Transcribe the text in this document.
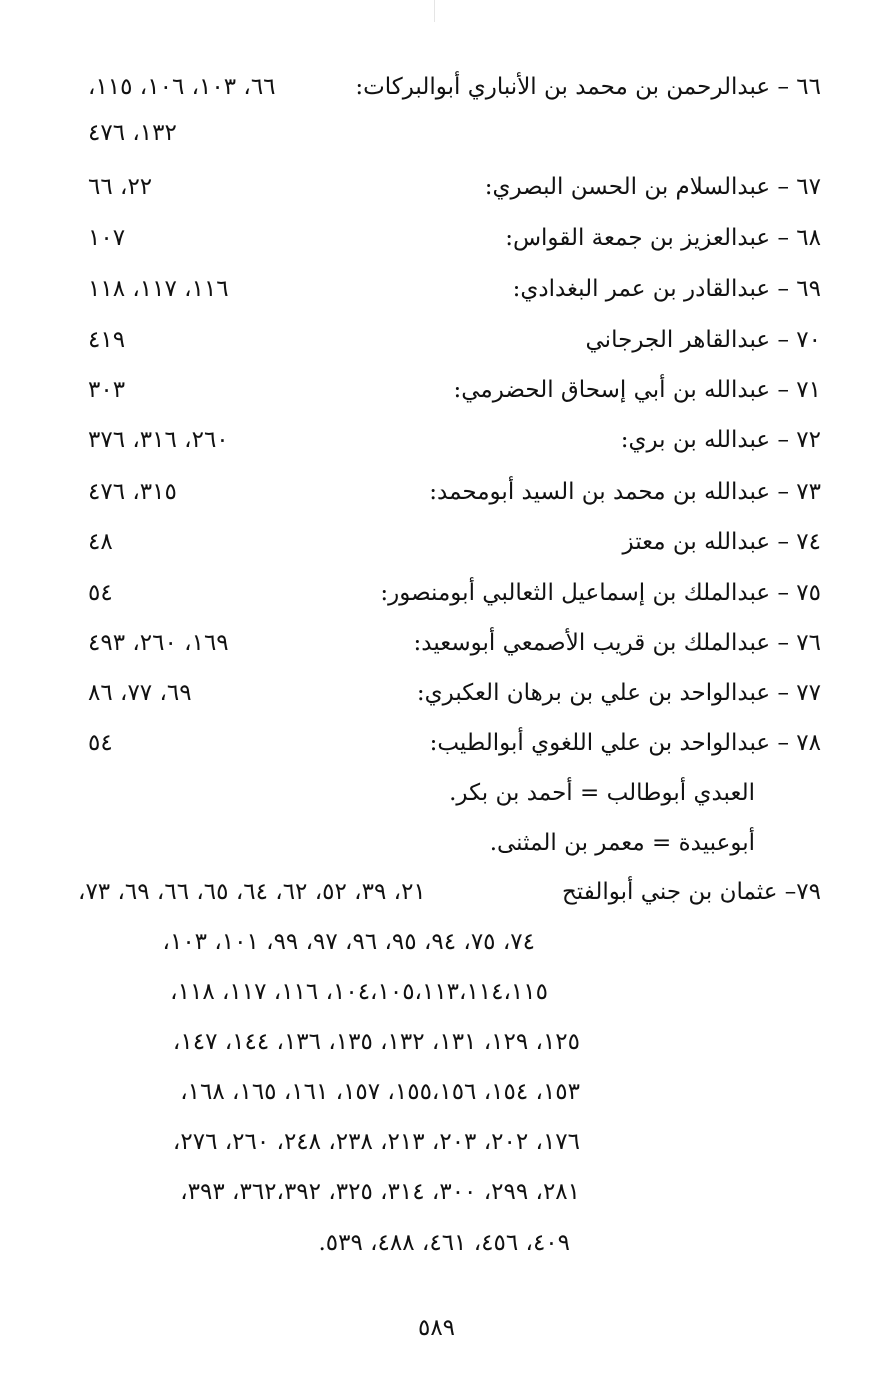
٦٦ – عبدالرحمن بن محمد بن الأنباري أبوالبركات:
٦٦، ١٠٣، ١٠٦، ١١٥،
١٣٢، ٤٧٦
٦٧ – عبدالسلام بن الحسن البصري:
٢٢، ٦٦
٦٨ – عبدالعزيز بن جمعة القواس:
١٠٧
٦٩ – عبدالقادر بن عمر البغدادي:
١١٦، ١١٧، ١١٨
٧٠ – عبدالقاهر الجرجاني
٤١٩
٧١ – عبدالله بن أبي إسحاق الحضرمي:
٣٠٣
٧٢ – عبدالله بن بري:
٢٦٠، ٣١٦، ٣٧٦
٧٣ – عبدالله بن محمد بن السيد أبومحمد:
٣١٥، ٤٧٦
٧٤ – عبدالله بن معتز
٤٨
٧٥ – عبدالملك بن إسماعيل الثعالبي أبومنصور:
٥٤
٧٦ – عبدالملك بن قريب الأصمعي أبوسعيد:
١٦٩، ٢٦٠، ٤٩٣
٧٧ – عبدالواحد بن علي بن برهان العكبري:
٦٩، ٧٧، ٨٦
٧٨ – عبدالواحد بن علي اللغوي أبوالطيب:
٥٤
العبدي أبوطالب = أحمد بن بكر.
أبوعبيدة = معمر بن المثنى.
٧٩– عثمان بن جني أبوالفتح
٢١، ٣٩، ٥٢، ٦٢، ٦٤، ٦٥، ٦٦، ٦٩، ٧٣،
٧٤، ٧٥، ٩٤، ٩٥، ٩٦، ٩٧، ٩٩، ١٠١، ١٠٣،
١٠٤،١٠٥،١١٣،١١٤،١١٥، ١١٦، ١١٧، ١١٨،
١٢٥، ١٢٩، ١٣١، ١٣٢، ١٣٥، ١٣٦، ١٤٤، ١٤٧،
١٥٣، ١٥٤، ١٥٥،١٥٦، ١٥٧، ١٦١، ١٦٥، ١٦٨،
١٧٦، ٢٠٢، ٢٠٣، ٢١٣، ٢٣٨، ٢٤٨، ٢٦٠، ٢٧٦،
٢٨١، ٢٩٩، ٣٠٠، ٣١٤، ٣٢٥، ٣٦٢،٣٩٢، ٣٩٣،
٤٠٩، ٤٥٦، ٤٦١، ٤٨٨، ٥٣٩.
٥٨٩
